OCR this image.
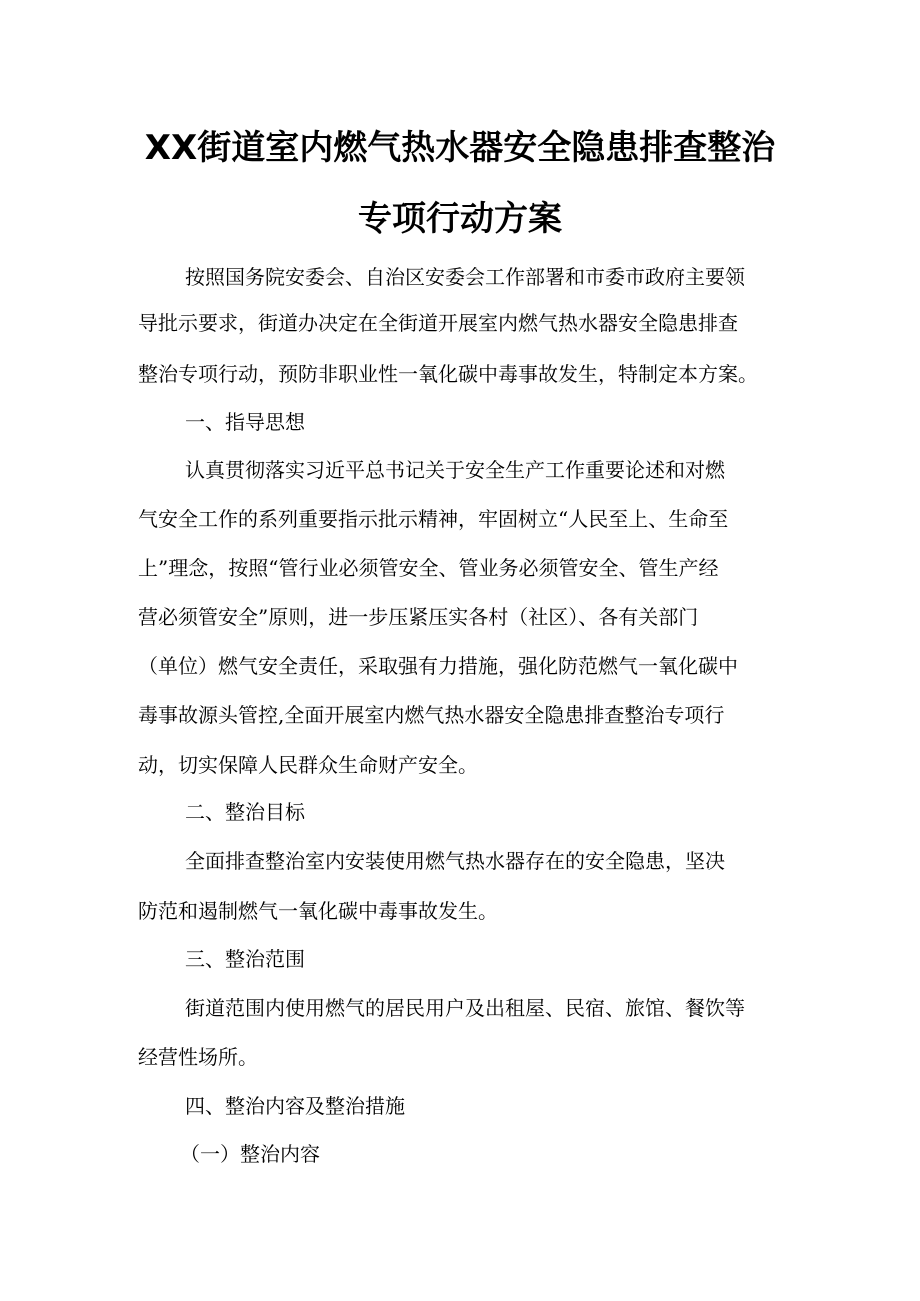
XX街道室内燃气热水器安全隐患排查整治
专项行动方案
按照国务院安委会、自治区安委会工作部署和市委市政府主要领
导批示要求，街道办决定在全街道开展室内燃气热水器安全隐患排查
整治专项行动，预防非职业性一氧化碳中毒事故发生，特制定本方案。
一、指导思想
认真贯彻落实习近平总书记关于安全生产工作重要论述和对燃
气安全工作的系列重要指示批示精神，牢固树立“人民至上、生命至
上”理念，按照“管行业必须管安全、管业务必须管安全、管生产经
营必须管安全”原则，进一步压紧压实各村（社区）、各有关部门
（单位）燃气安全责任，采取强有力措施，强化防范燃气一氧化碳中
毒事故源头管控,全面开展室内燃气热水器安全隐患排查整治专项行
动，切实保障人民群众生命财产安全。
二、整治目标
全面排查整治室内安装使用燃气热水器存在的安全隐患，坚决
防范和遏制燃气一氧化碳中毒事故发生。
三、整治范围
街道范围内使用燃气的居民用户及出租屋、民宿、旅馆、餐饮等
经营性场所。
四、整治内容及整治措施
（一）整治内容
